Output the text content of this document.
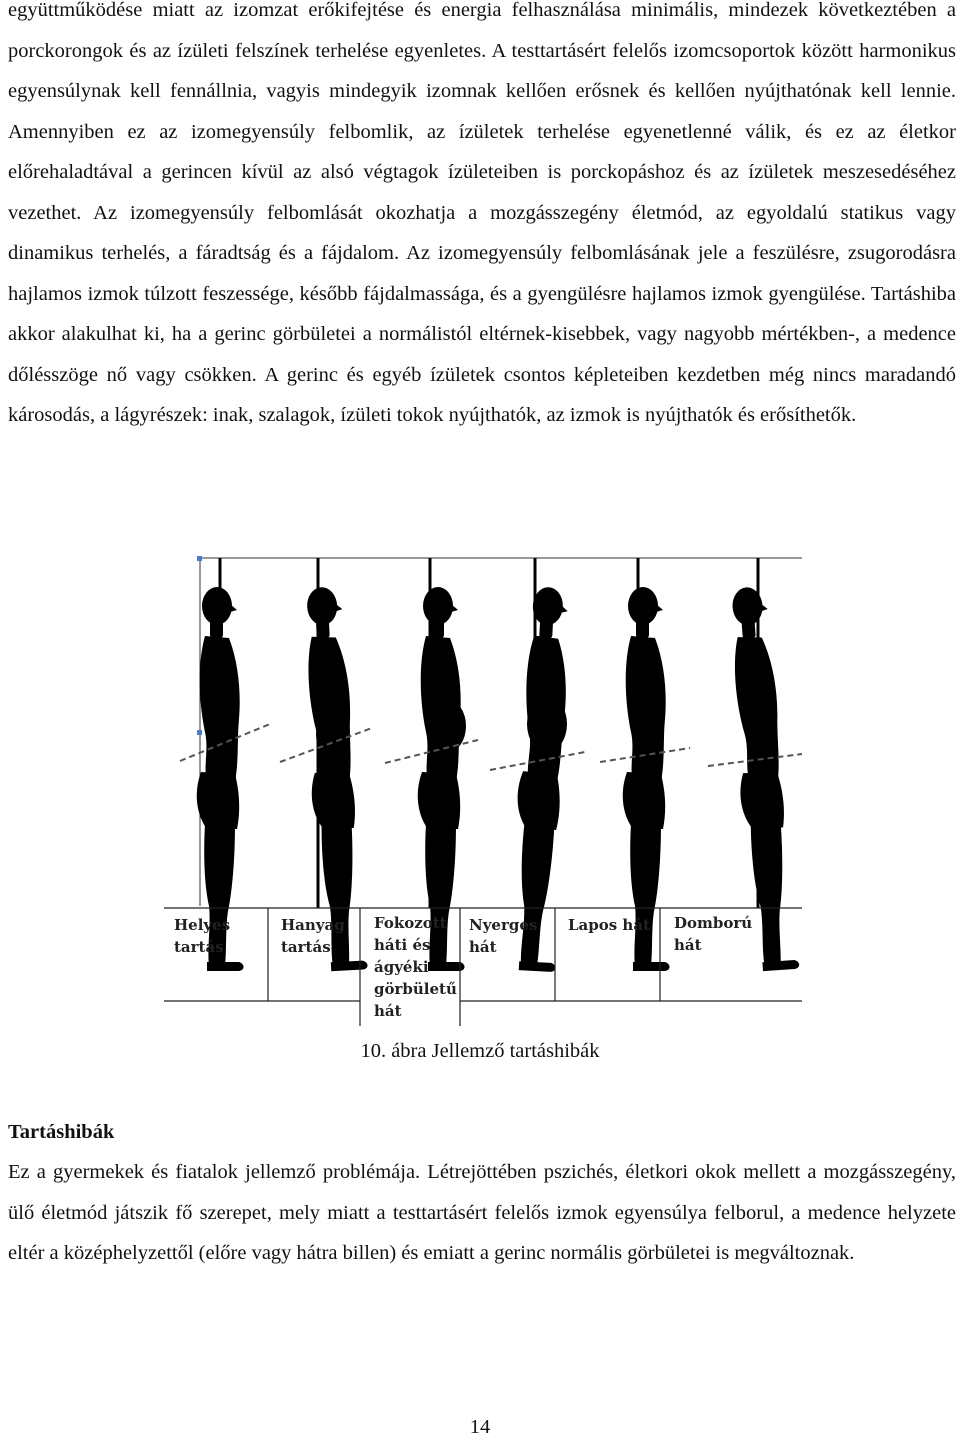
együttműködése miatt az izomzat erőkifejtése és energia felhasználása minimális, mindezek következtében a porckorongok és az ízületi felszínek terhelése egyenletes. A testtartásért felelős izomcsoportok között harmonikus egyensúlynak kell fennállnia, vagyis mindegyik izomnak kellően erősnek és kellően nyújthatónak kell lennie. Amennyiben ez az izomegyensúly felbomlik, az ízületek terhelése egyenetlenné válik, és ez az életkor előrehaladtával a gerincen kívül az alsó végtagok ízületeiben is porckopáshoz és az ízületek meszesedéséhez vezethet. Az izomegyensúly felbomlását okozhatja a mozgásszegény életmód, az egyoldalú statikus vagy dinamikus terhelés, a fáradtság és a fájdalom. Az izomegyensúly felbomlásának jele a feszülésre, zsugorodásra hajlamos izmok túlzott feszessége, később fájdalmassága, és a gyengülésre hajlamos izmok gyengülése. Tartáshiba akkor alakulhat ki, ha a gerinc görbületei a normálistól eltérnek-kisebbek, vagy nagyobb mértékben-, a medence dőlésszöge nő vagy csökken. A gerinc és egyéb ízületek csontos képleteiben kezdetben még nincs maradandó károsodás, a lágyrészek: inak, szalagok, ízületi tokok nyújthatók, az izmok is nyújthatók és erősíthetők.

Helyes
tartás
Hanyag
tartás
Fokozott
háti és
ágyéki
görbületű
hát
Nyerges
hát
Lapos hát Domború
hát
10. ábra Jellemző tartáshibák
Tartáshibák

Ez a gyermekek és fiatalok jellemző problémája. Létrejöttében pszichés, életkori okok mellett a mozgásszegény, ülő életmód játszik fő szerepet, mely miatt a testtartásért felelős izmok egyensúlya felborul, a medence helyzete eltér a középhelyzettől (előre vagy hátra billen) és emiatt a gerinc normális görbületei is megváltoznak.

14
